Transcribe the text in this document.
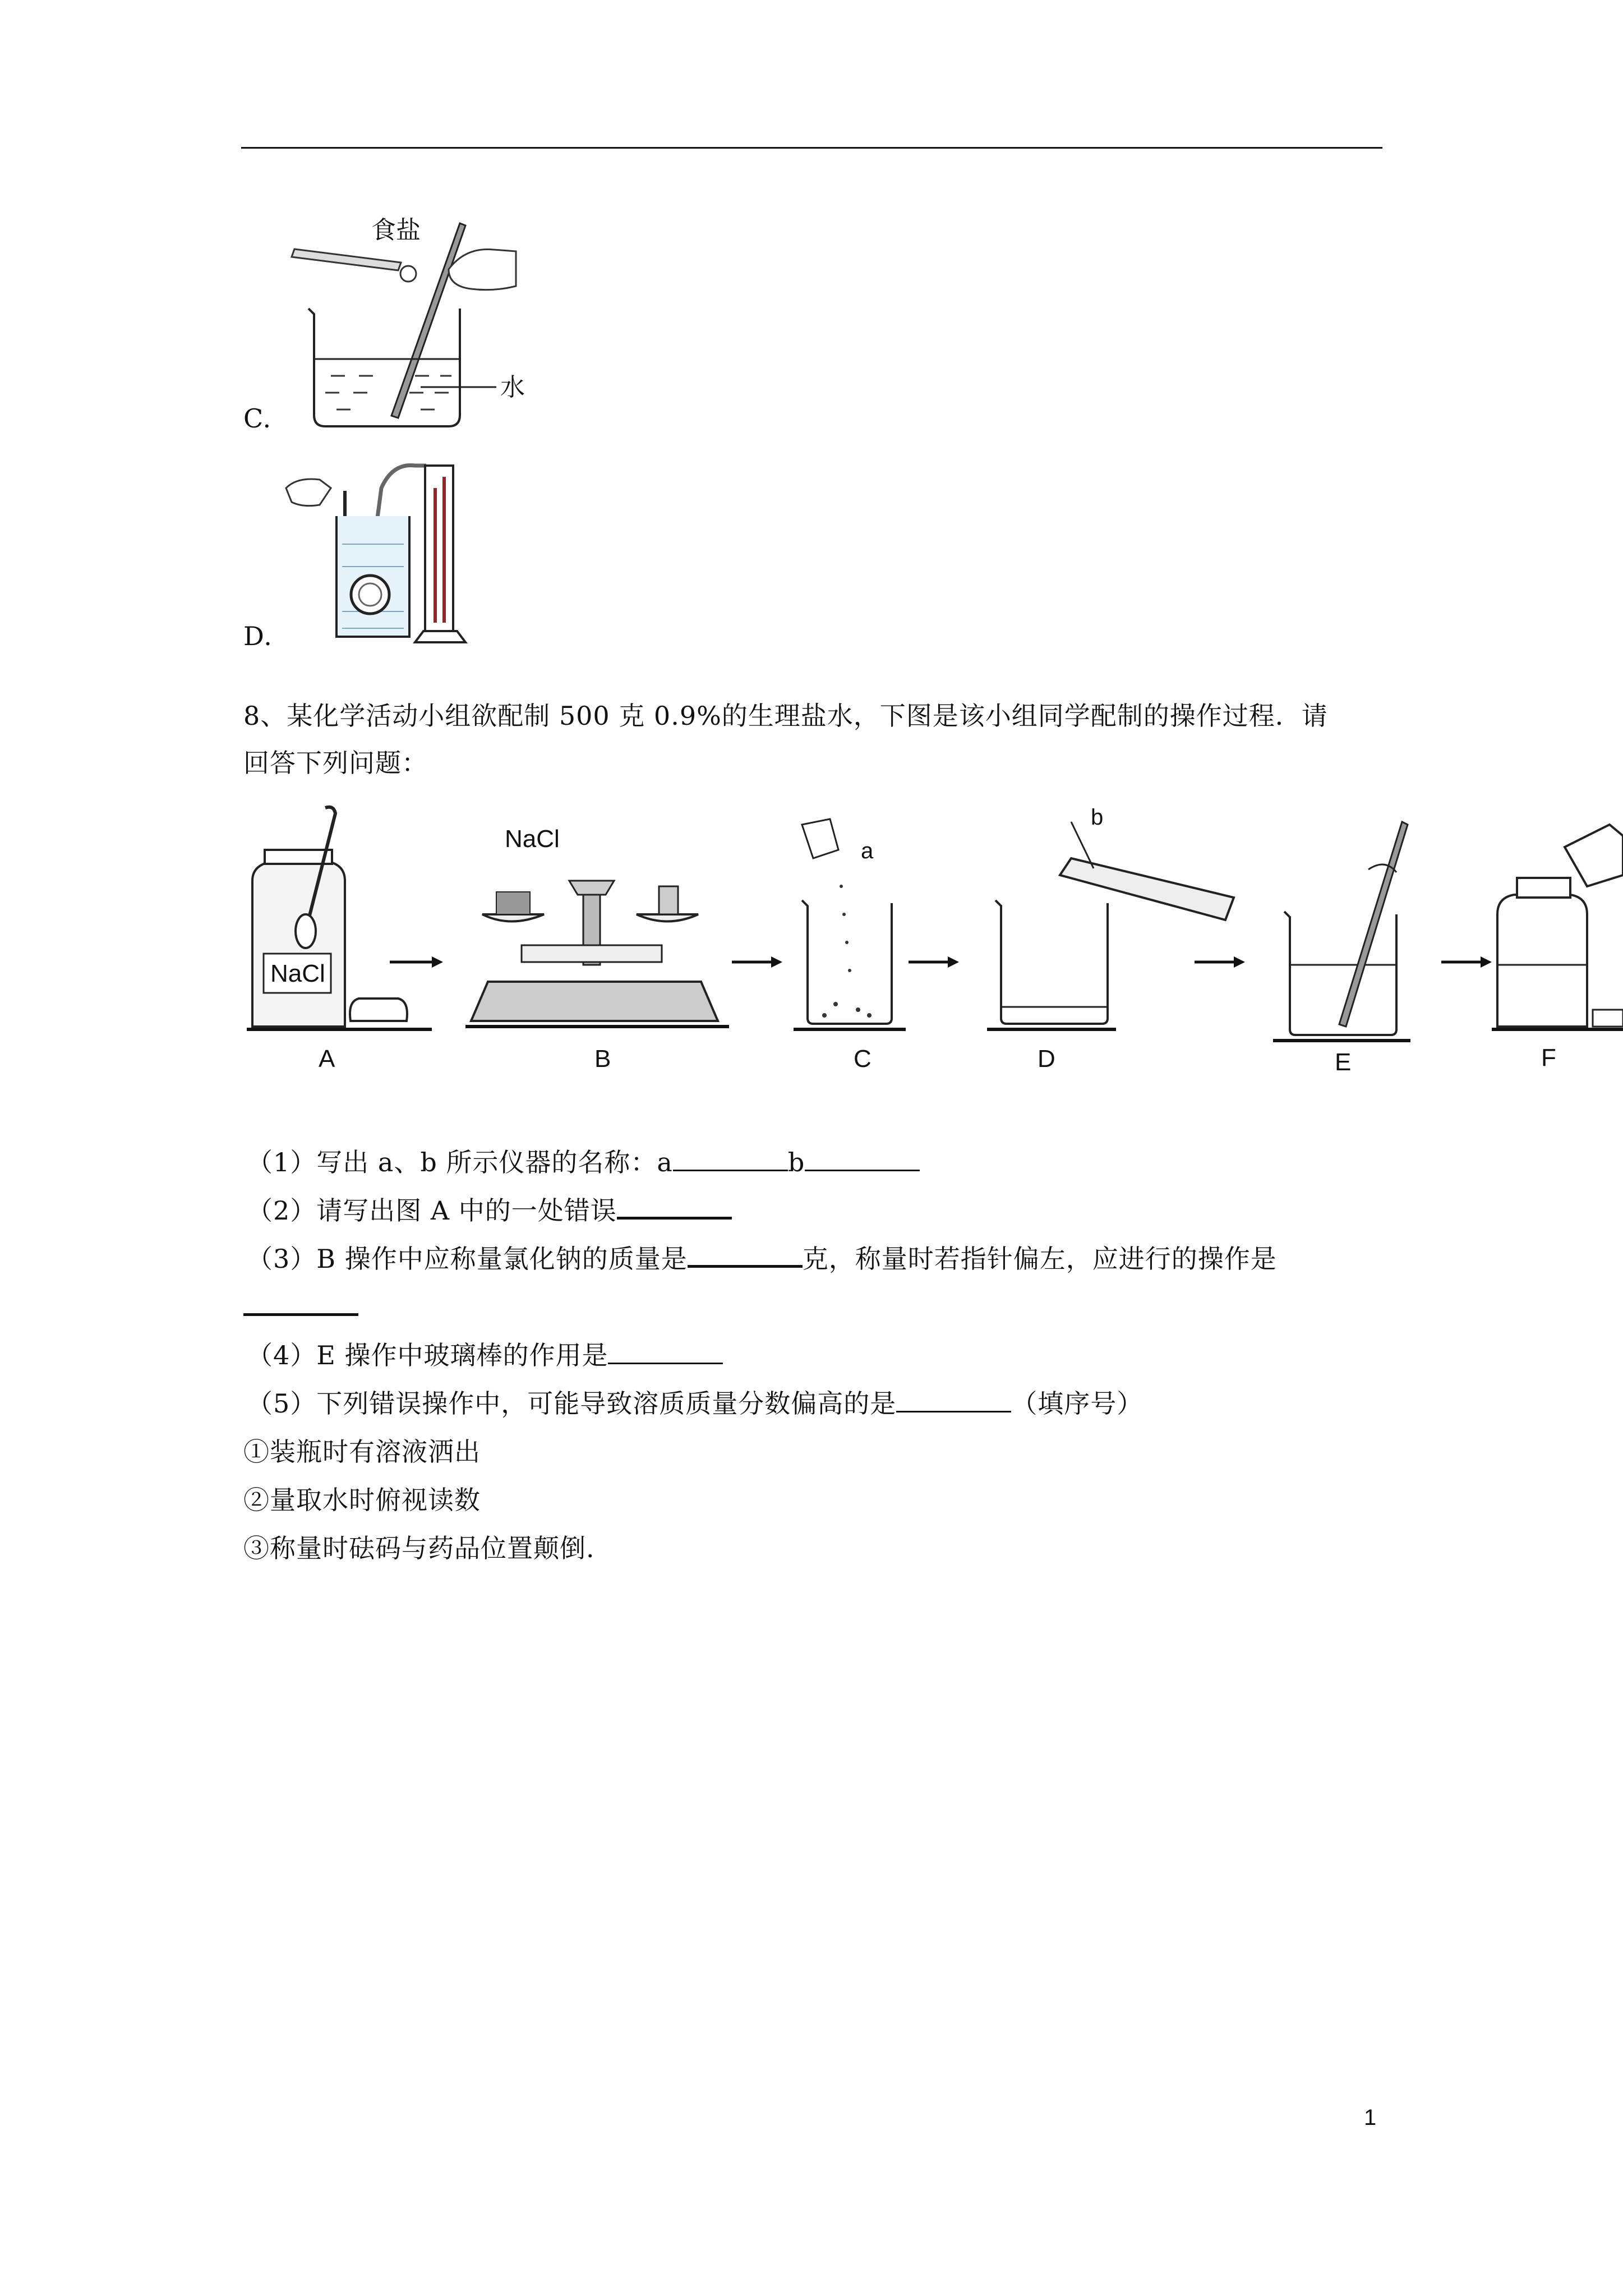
食盐
水
C.
D.
8、某化学活动小组欲配制 500 克 0.9%的生理盐水，下图是该小组同学配制的操作过程．请
回答下列问题：
NaCl
NaCl	a
b
A	B	C	D	E	F
（1）写出 a、b 所示仪器的名称：a	b
（2）请写出图 A 中的一处错误
（3）B 操作中应称量氯化钠的质量是	克，称量时若指针偏左，应进行的操作是
（4）E 操作中玻璃棒的作用是
（5）下列错误操作中，可能导致溶质质量分数偏高的是	（填序号）
①装瓶时有溶液洒出
②量取水时俯视读数
③称量时砝码与药品位置颠倒.
1
